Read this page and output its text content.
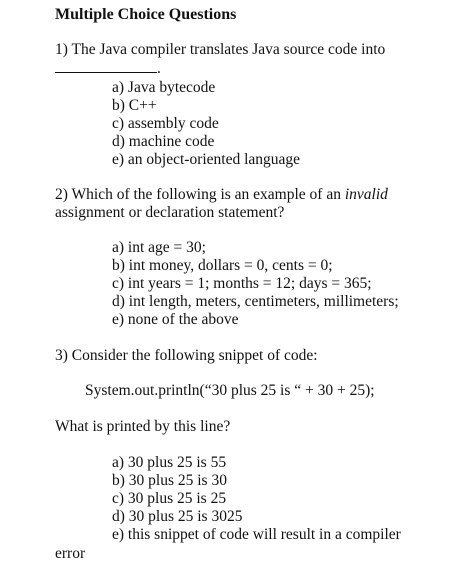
Multiple Choice Questions
1) The Java compiler translates Java source code into
.
a) Java bytecode
b) C++
c) assembly code
d) machine code
e) an object-oriented language
2) Which of the following is an example of an invalid
assignment or declaration statement?
a) int age = 30;
b) int money, dollars = 0, cents = 0;
c) int years = 1; months = 12; days = 365;
d) int length, meters, centimeters, millimeters;
e) none of the above
3) Consider the following snippet of code:
System.out.println(“30 plus 25 is “ + 30 + 25);
What is printed by this line?
a) 30 plus 25 is 55
b) 30 plus 25 is 30
c) 30 plus 25 is 25
d) 30 plus 25 is 3025
e) this snippet of code will result in a compiler
error
